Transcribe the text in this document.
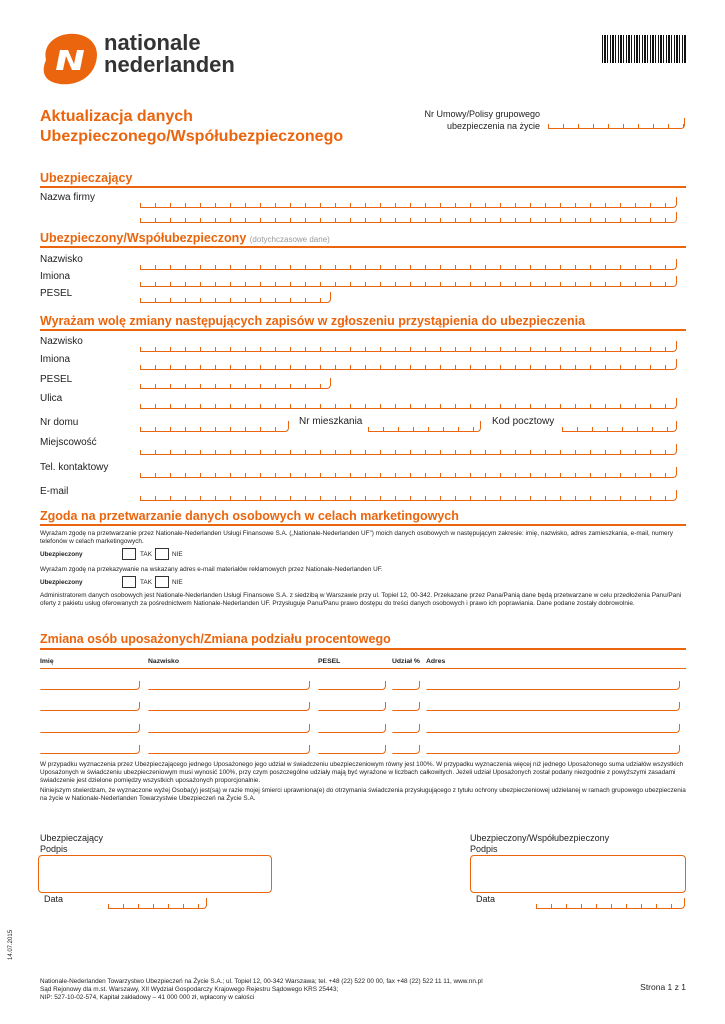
nationale
nederlanden
Aktualizacja danych
Ubezpieczonego/Współubezpieczonego
Nr Umowy/Polisy grupowego
ubezpieczenia na życie
Ubezpieczający
Nazwa firmy
Ubezpieczony/Współubezpieczony (dotychczasowe dane)
Nazwisko
Imiona
PESEL
Wyrażam wolę zmiany następujących zapisów w zgłoszeniu przystąpienia do ubezpieczenia
Nazwisko
Imiona
PESEL
Ulica
Nr domu	Nr mieszkania	Kod pocztowy
Miejscowość
Tel. kontaktowy
E-mail
Zgoda na przetwarzanie danych osobowych w celach marketingowych
Wyrażam zgodę na przetwarzanie przez Nationale-Nederlanden Usługi Finansowe S.A. („Nationale-Nederlanden UF”) moich danych osobowych w następującym zakresie: imię, nazwisko, adres zamieszkania, e-mail, numery telefonów w celach marketingowych.
Ubezpieczony	TAK	NIE
Wyrażam zgodę na przekazywanie na wskazany adres e-mail materiałów reklamowych przez Nationale-Nederlanden UF.
Ubezpieczony	TAK	NIE
Administratorem danych osobowych jest Nationale-Nederlanden Usługi Finansowe S.A. z siedzibą w Warszawie przy ul. Topiel 12, 00-342. Przekazane przez Pana/Panią dane będą przetwarzane w celu przedłożenia Panu/Pani oferty z pakietu usług oferowanych za pośrednictwem Nationale-Nederlanden UF. Przysługuje Panu/Panu prawo dostępu do treści danych osobowych i prawo ich poprawiania. Dane podane zostały dobrowolnie.
Zmiana osób uposażonych/Zmiana podziału procentowego
Imię	Nazwisko	PESEL	Udział % Adres
W przypadku wyznaczenia przez Ubezpieczającego jednego Uposażonego jego udział w świadczeniu ubezpieczeniowym równy jest 100%. W przypadku wyznaczenia więcej niż jednego Uposażonego suma udziałów wszystkich Uposażonych w świadczeniu ubezpieczeniowym musi wynosić 100%, przy czym poszczególne udziały mają być wyrażone w liczbach całkowitych. Jeżeli udział Uposażonych został podany niezgodnie z powyższymi zasadami świadczenie jest dzielone pomiędzy wszystkich uposażonych proporcjonalnie.
Niniejszym stwierdzam, że wyznaczone wyżej Osoba(y) jest(są) w razie mojej śmierci uprawniona(e) do otrzymania świadczenia przysługującego z tytułu ochrony ubezpieczeniowej udzielanej w ramach grupowego ubezpieczenia na życie w Nationale-Nederlanden Towarzystwie Ubezpieczeń na Życie S.A.
Ubezpieczający
Podpis
Data
Ubezpieczony/Współubezpieczony
Podpis
Data
14.07.2015
Nationale-Nederlanden Towarzystwo Ubezpieczeń na Życie S.A.; ul. Topiel 12, 00-342 Warszawa; tel. +48 (22) 522 00 00, fax +48 (22) 522 11 11, www.nn.pl
Sąd Rejonowy dla m.st. Warszawy, XII Wydział Gospodarczy Krajowego Rejestru Sądowego KRS 25443;
NIP: 527-10-02-574, Kapitał zakładowy – 41 000 000 zł, wpłacony w całości
Strona 1 z 1
